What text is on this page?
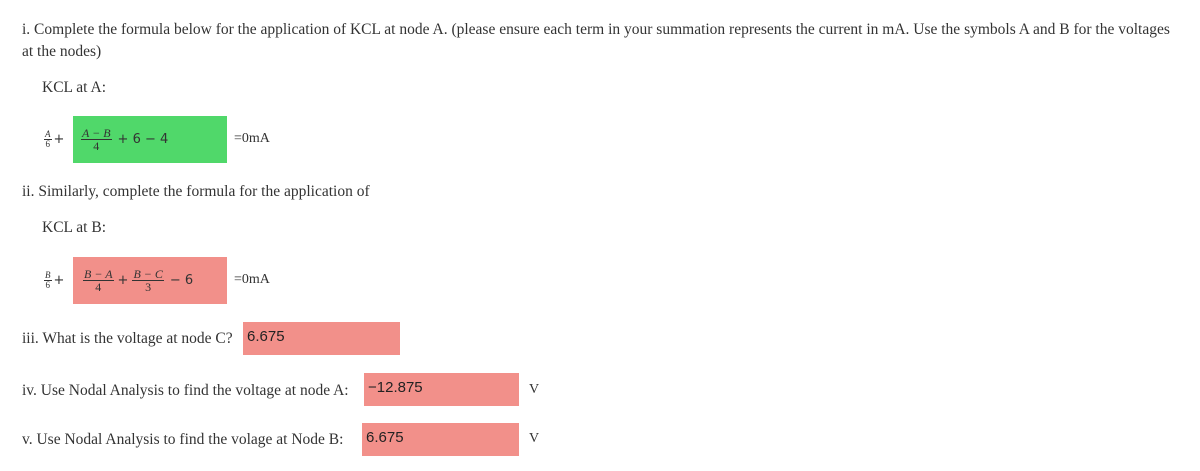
i. Complete the formula below for the application of KCL at node A. (please ensure each term in your summation represents the current in mA. Use the symbols A and B for the voltages at the nodes)
KCL at A:
$\frac{A}{6} + \frac{A - B}{4} + 6 - 4$	=0mA
ii. Similarly, complete the formula for the application of
KCL at B:
$\frac{B}{6} + \frac{B - A}{4} + \frac{B - C}{3} - 6$	=0mA
iii. What is the voltage at node C? 6.675
iv. Use Nodal Analysis to find the voltage at node A: −12.875	V
v. Use Nodal Analysis to find the volage at Node B: 6.675	V
